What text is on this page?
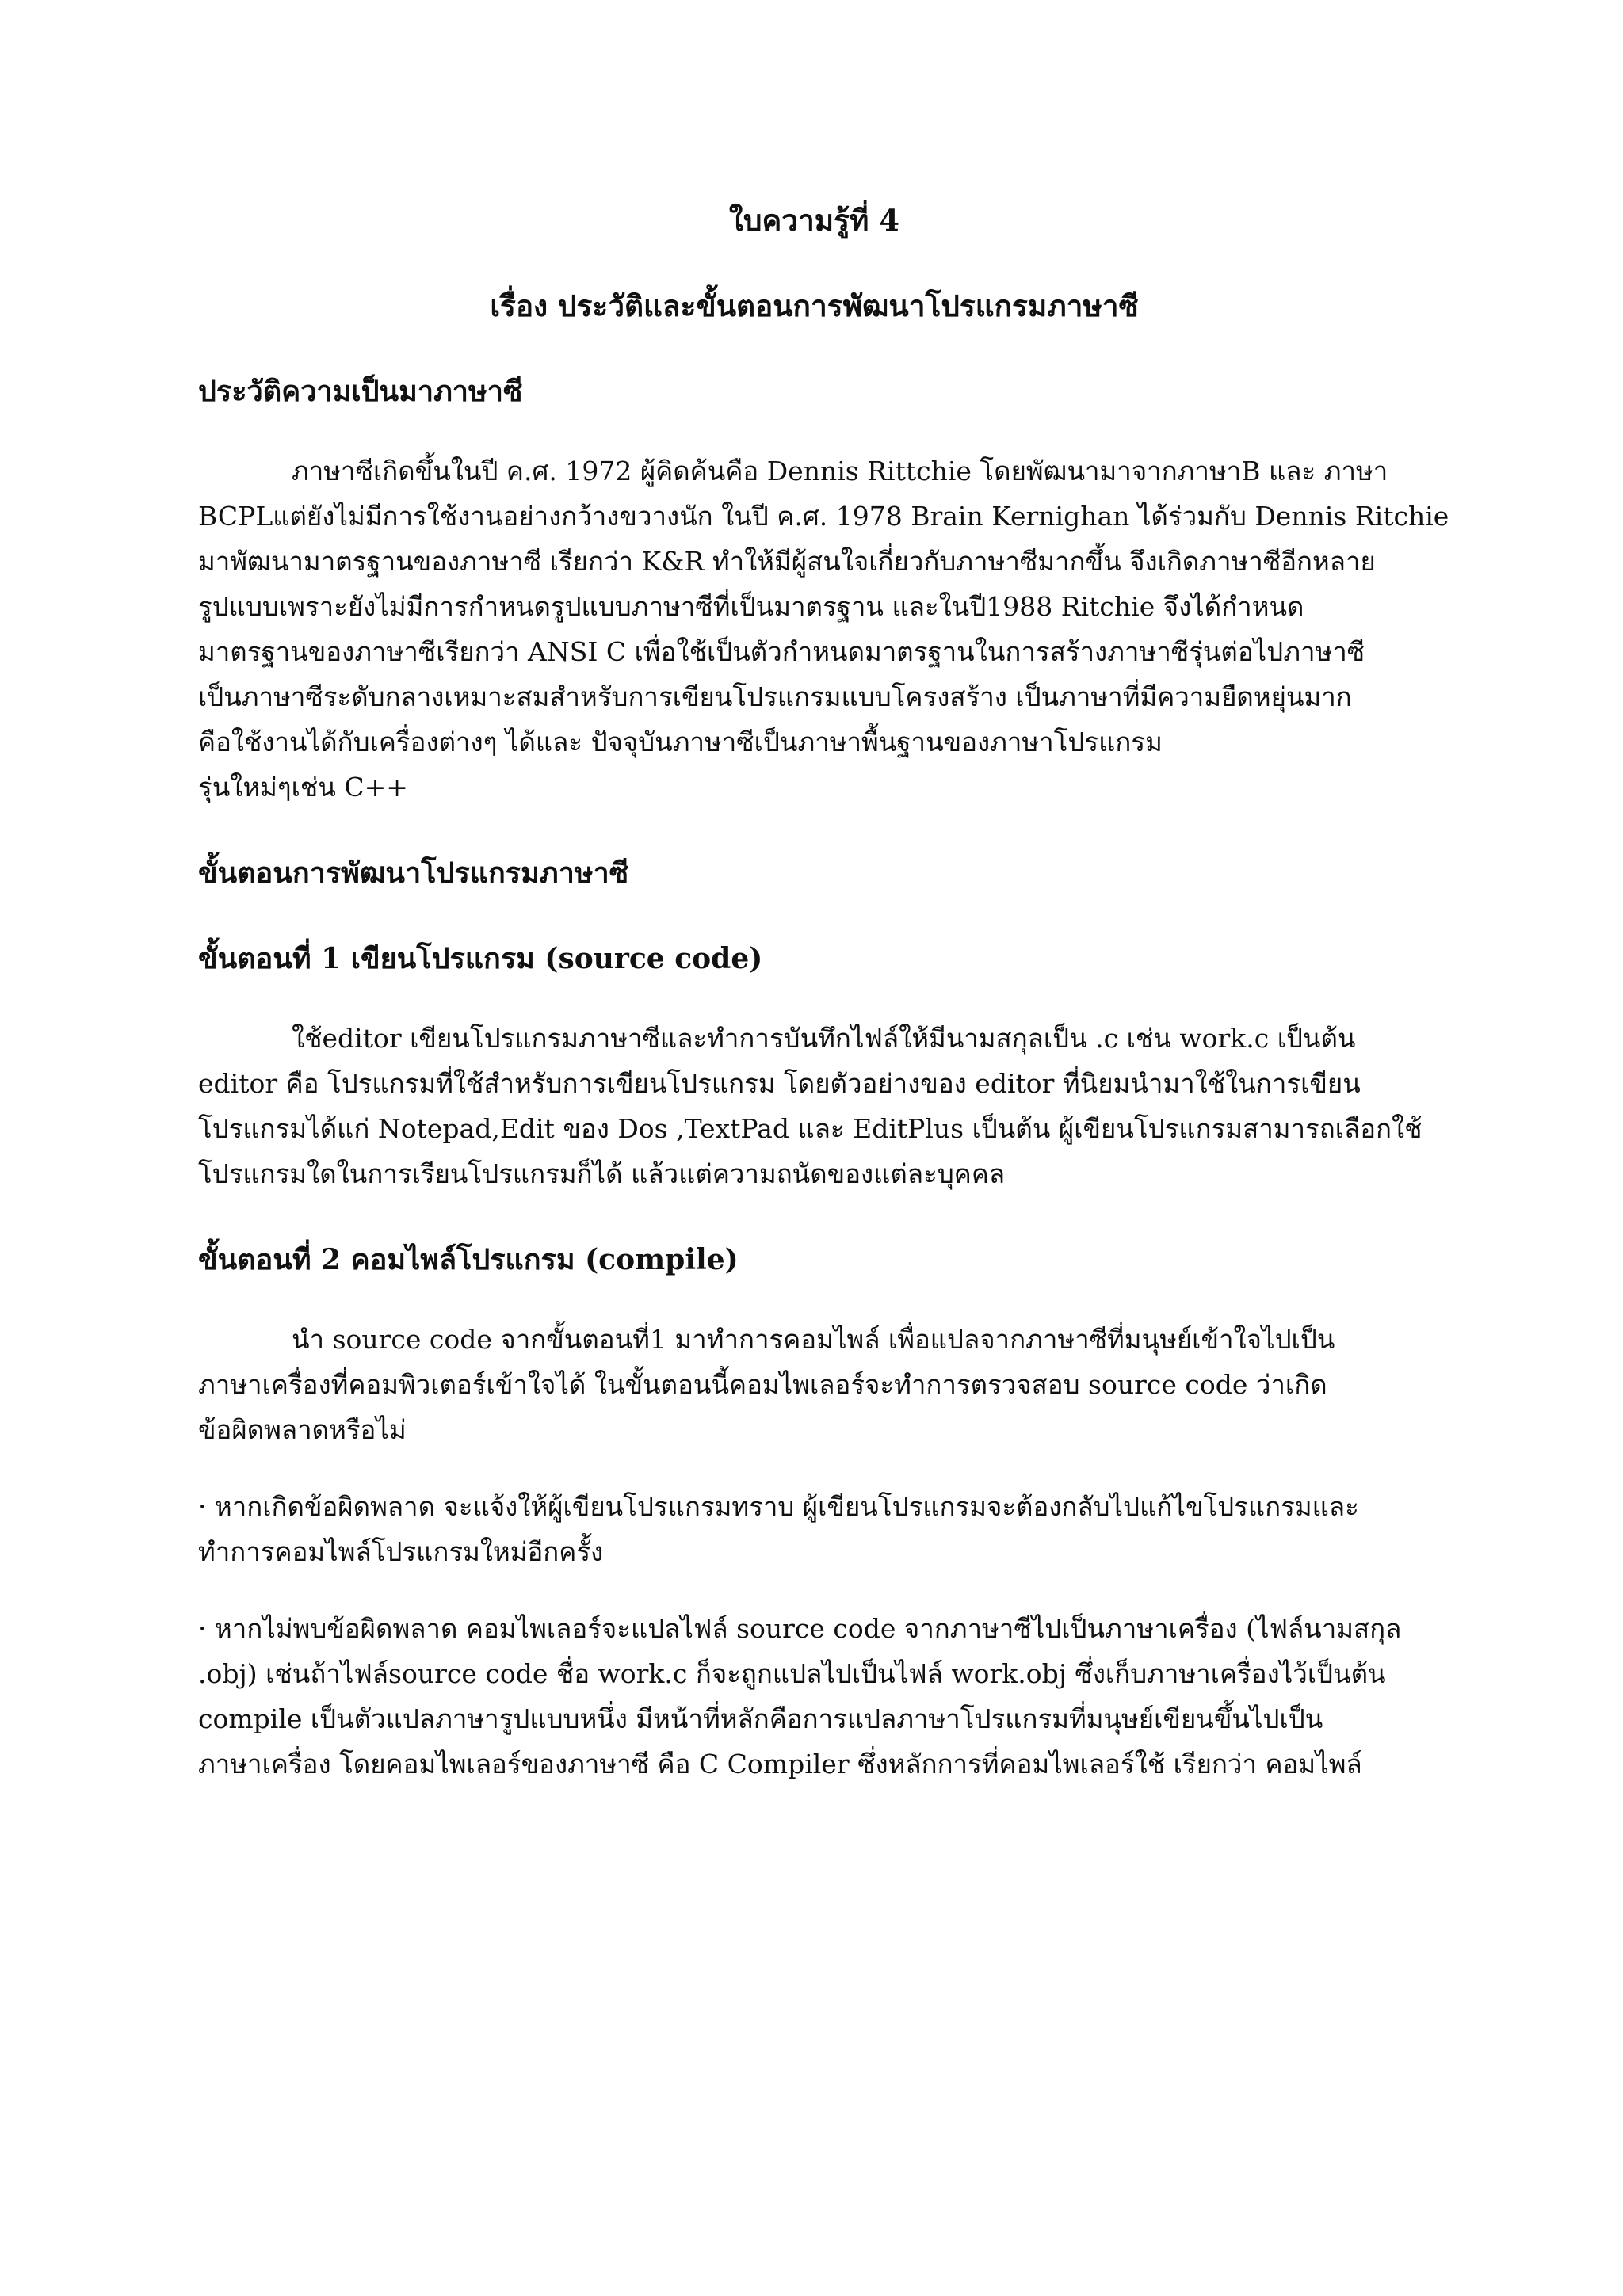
ใบความรู้ที่ 4
เรื่อง ประวัติและขั้นตอนการพัฒนาโปรแกรมภาษาซี
ประวัติความเป็นมาภาษาซี

ภาษาซีเกิดขึ้นในปี ค.ศ. 1972 ผู้คิดค้นคือ Dennis Rittchie โดยพัฒนามาจากภาษาB และ ภาษา
BCPLแต่ยังไม่มีการใช้งานอย่างกว้างขวางนัก ในปี ค.ศ. 1978 Brain Kernighan ได้ร่วมกับ Dennis Ritchie
มาพัฒนามาตรฐานของภาษาซี เรียกว่า K&R ทำให้มีผู้สนใจเกี่ยวกับภาษาซีมากขึ้น จึงเกิดภาษาซีอีกหลาย
รูปแบบเพราะยังไม่มีการกำหนดรูปแบบภาษาซีที่เป็นมาตรฐาน และในปี1988 Ritchie จึงได้กำหนด
มาตรฐานของภาษาซีเรียกว่า ANSI C เพื่อใช้เป็นตัวกำหนดมาตรฐานในการสร้างภาษาซีรุ่นต่อไปภาษาซี
เป็นภาษาซีระดับกลางเหมาะสมสำหรับการเขียนโปรแกรมแบบโครงสร้าง เป็นภาษาที่มีความยืดหยุ่นมาก
คือใช้งานได้กับเครื่องต่างๆ ได้และ ปัจจุบันภาษาซีเป็นภาษาพื้นฐานของภาษาโปรแกรม
รุ่นใหม่ๆเช่น C++

ขั้นตอนการพัฒนาโปรแกรมภาษาซี
ขั้นตอนที่ 1 เขียนโปรแกรม (source code)

ใช้editor เขียนโปรแกรมภาษาซีและทำการบันทึกไฟล์ให้มีนามสกุลเป็น .c เช่น work.c เป็นต้น
editor คือ โปรแกรมที่ใช้สำหรับการเขียนโปรแกรม โดยตัวอย่างของ editor ที่นิยมนำมาใช้ในการเขียน
โปรแกรมได้แก่ Notepad,Edit ของ Dos ,TextPad และ EditPlus เป็นต้น ผู้เขียนโปรแกรมสามารถเลือกใช้
โปรแกรมใดในการเรียนโปรแกรมก็ได้ แล้วแต่ความถนัดของแต่ละบุคคล

ขั้นตอนที่ 2 คอมไพล์โปรแกรม (compile)

นำ source code จากขั้นตอนที่1 มาทำการคอมไพล์ เพื่อแปลจากภาษาซีที่มนุษย์เข้าใจไปเป็น
ภาษาเครื่องที่คอมพิวเตอร์เข้าใจได้ ในขั้นตอนนี้คอมไพเลอร์จะทำการตรวจสอบ source code ว่าเกิด
ข้อผิดพลาดหรือไม่

· หากเกิดข้อผิดพลาด จะแจ้งให้ผู้เขียนโปรแกรมทราบ ผู้เขียนโปรแกรมจะต้องกลับไปแก้ไขโปรแกรมและ
ทำการคอมไพล์โปรแกรมใหม่อีกครั้ง

· หากไม่พบข้อผิดพลาด คอมไพเลอร์จะแปลไฟล์ source code จากภาษาซีไปเป็นภาษาเครื่อง (ไฟล์นามสกุล
.obj) เช่นถ้าไฟล์source code ชื่อ work.c ก็จะถูกแปลไปเป็นไฟล์ work.obj ซึ่งเก็บภาษาเครื่องไว้เป็นต้น
compile เป็นตัวแปลภาษารูปแบบหนึ่ง มีหน้าที่หลักคือการแปลภาษาโปรแกรมที่มนุษย์เขียนขึ้นไปเป็น
ภาษาเครื่อง โดยคอมไพเลอร์ของภาษาซี คือ C Compiler ซึ่งหลักการที่คอมไพเลอร์ใช้ เรียกว่า คอมไพล์
